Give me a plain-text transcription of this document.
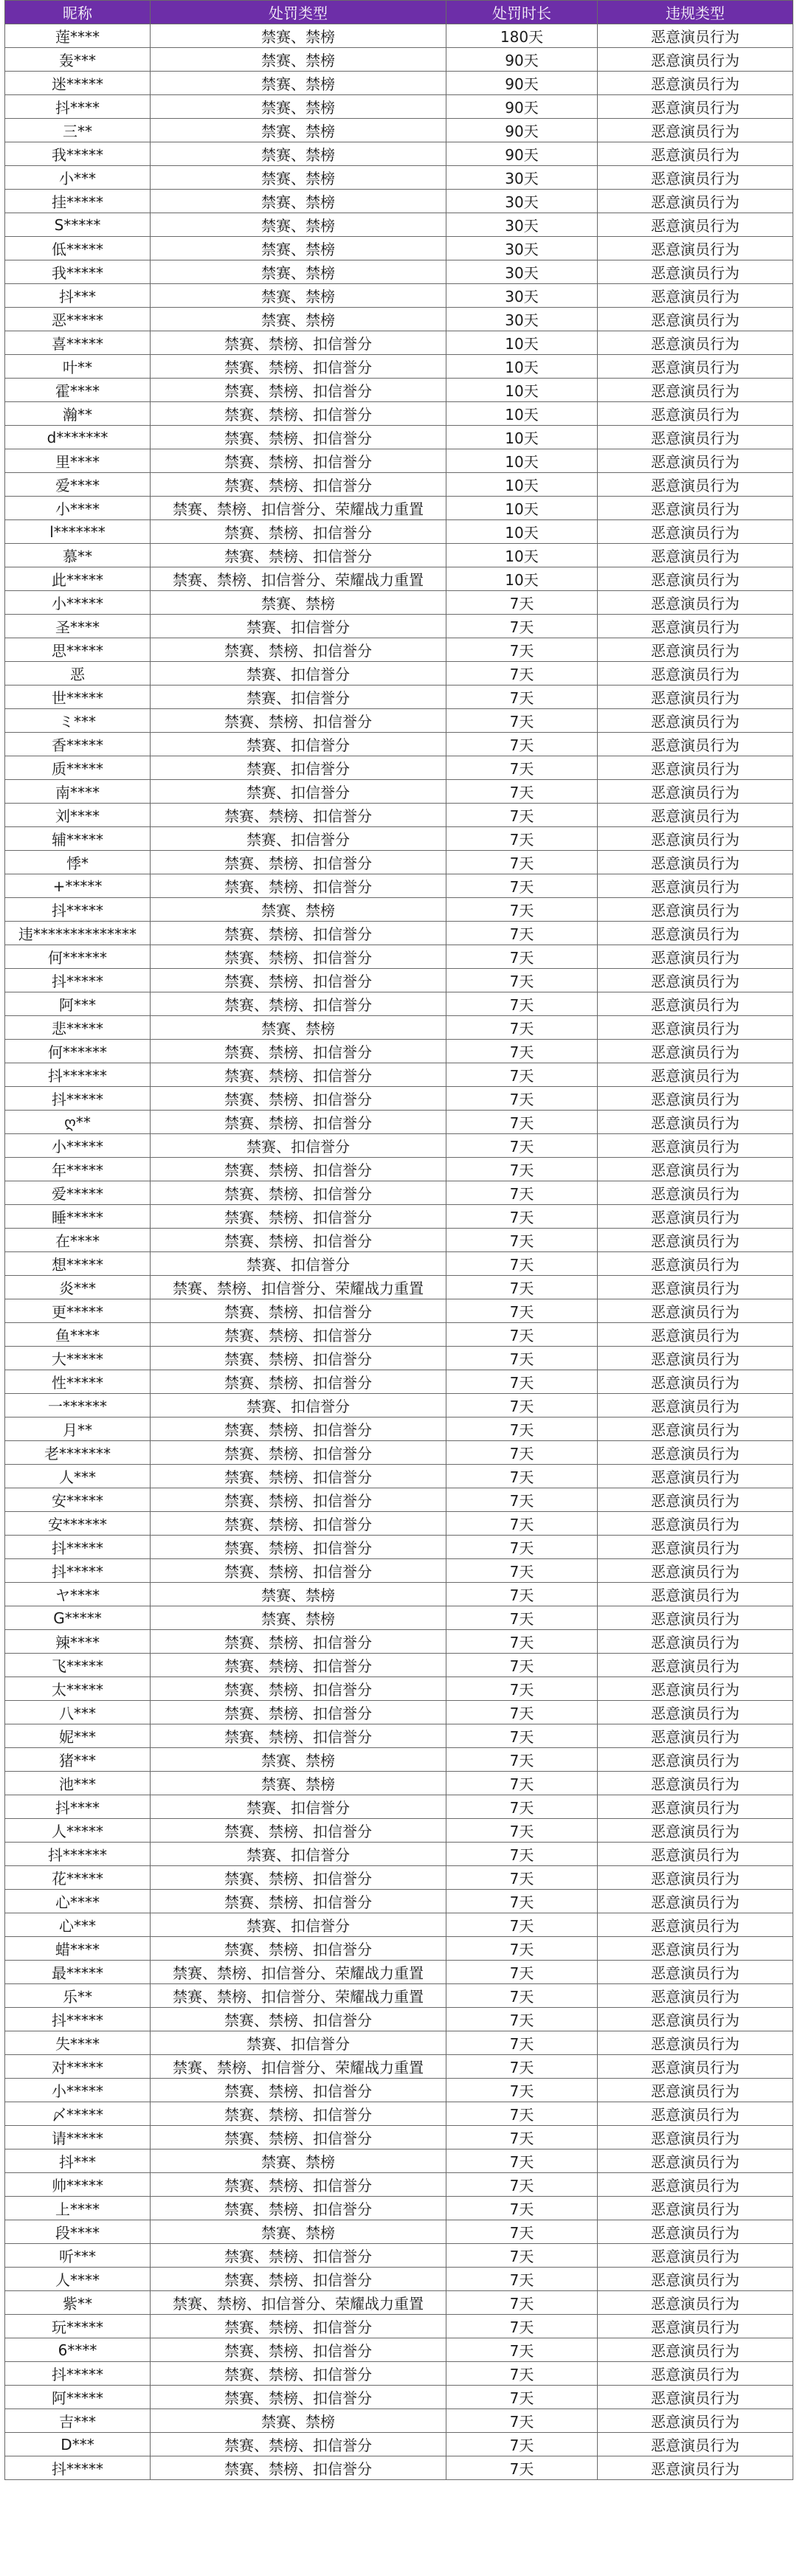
昵称	处罚类型	处罚时长	违规类型
莲****	禁赛、禁榜	180天	恶意演员行为
轰***	禁赛、禁榜	90天	恶意演员行为
迷*****	禁赛、禁榜	90天	恶意演员行为
抖****	禁赛、禁榜	90天	恶意演员行为
三**	禁赛、禁榜	90天	恶意演员行为
我*****	禁赛、禁榜	90天	恶意演员行为
小***	禁赛、禁榜	30天	恶意演员行为
挂*****	禁赛、禁榜	30天	恶意演员行为
S*****	禁赛、禁榜	30天	恶意演员行为
低*****	禁赛、禁榜	30天	恶意演员行为
我*****	禁赛、禁榜	30天	恶意演员行为
抖***	禁赛、禁榜	30天	恶意演员行为
恶*****	禁赛、禁榜	30天	恶意演员行为
喜*****	禁赛、禁榜、扣信誉分	10天	恶意演员行为
叶**	禁赛、禁榜、扣信誉分	10天	恶意演员行为
霍****	禁赛、禁榜、扣信誉分	10天	恶意演员行为
瀚**	禁赛、禁榜、扣信誉分	10天	恶意演员行为
d*******	禁赛、禁榜、扣信誉分	10天	恶意演员行为
里****	禁赛、禁榜、扣信誉分	10天	恶意演员行为
爱****	禁赛、禁榜、扣信誉分	10天	恶意演员行为
小****	禁赛、禁榜、扣信誉分、荣耀战力重置	10天	恶意演员行为
l*******	禁赛、禁榜、扣信誉分	10天	恶意演员行为
慕**	禁赛、禁榜、扣信誉分	10天	恶意演员行为
此*****	禁赛、禁榜、扣信誉分、荣耀战力重置	10天	恶意演员行为
小*****	禁赛、禁榜	7天	恶意演员行为
圣****	禁赛、扣信誉分	7天	恶意演员行为
思*****	禁赛、禁榜、扣信誉分	7天	恶意演员行为
恶	禁赛、扣信誉分	7天	恶意演员行为
世*****	禁赛、扣信誉分	7天	恶意演员行为
ミ***	禁赛、禁榜、扣信誉分	7天	恶意演员行为
香*****	禁赛、扣信誉分	7天	恶意演员行为
质*****	禁赛、扣信誉分	7天	恶意演员行为
南****	禁赛、扣信誉分	7天	恶意演员行为
刘****	禁赛、禁榜、扣信誉分	7天	恶意演员行为
辅*****	禁赛、扣信誉分	7天	恶意演员行为
悸*	禁赛、禁榜、扣信誉分	7天	恶意演员行为
+*****	禁赛、禁榜、扣信誉分	7天	恶意演员行为
抖*****	禁赛、禁榜	7天	恶意演员行为
违**************	禁赛、禁榜、扣信誉分	7天	恶意演员行为
何******	禁赛、禁榜、扣信誉分	7天	恶意演员行为
抖*****	禁赛、禁榜、扣信誉分	7天	恶意演员行为
阿***	禁赛、禁榜、扣信誉分	7天	恶意演员行为
悲*****	禁赛、禁榜	7天	恶意演员行为
何******	禁赛、禁榜、扣信誉分	7天	恶意演员行为
抖******	禁赛、禁榜、扣信誉分	7天	恶意演员行为
抖*****	禁赛、禁榜、扣信誉分	7天	恶意演员行为
ღ**	禁赛、禁榜、扣信誉分	7天	恶意演员行为
小*****	禁赛、扣信誉分	7天	恶意演员行为
年*****	禁赛、禁榜、扣信誉分	7天	恶意演员行为
爱*****	禁赛、禁榜、扣信誉分	7天	恶意演员行为
睡*****	禁赛、禁榜、扣信誉分	7天	恶意演员行为
在****	禁赛、禁榜、扣信誉分	7天	恶意演员行为
想*****	禁赛、扣信誉分	7天	恶意演员行为
炎***	禁赛、禁榜、扣信誉分、荣耀战力重置	7天	恶意演员行为
更*****	禁赛、禁榜、扣信誉分	7天	恶意演员行为
鱼****	禁赛、禁榜、扣信誉分	7天	恶意演员行为
大*****	禁赛、禁榜、扣信誉分	7天	恶意演员行为
性*****	禁赛、禁榜、扣信誉分	7天	恶意演员行为
一******	禁赛、扣信誉分	7天	恶意演员行为
月**	禁赛、禁榜、扣信誉分	7天	恶意演员行为
老*******	禁赛、禁榜、扣信誉分	7天	恶意演员行为
人***	禁赛、禁榜、扣信誉分	7天	恶意演员行为
安*****	禁赛、禁榜、扣信誉分	7天	恶意演员行为
安******	禁赛、禁榜、扣信誉分	7天	恶意演员行为
抖*****	禁赛、禁榜、扣信誉分	7天	恶意演员行为
抖*****	禁赛、禁榜、扣信誉分	7天	恶意演员行为
ヤ****	禁赛、禁榜	7天	恶意演员行为
G*****	禁赛、禁榜	7天	恶意演员行为
辣****	禁赛、禁榜、扣信誉分	7天	恶意演员行为
飞*****	禁赛、禁榜、扣信誉分	7天	恶意演员行为
太*****	禁赛、禁榜、扣信誉分	7天	恶意演员行为
八***	禁赛、禁榜、扣信誉分	7天	恶意演员行为
妮***	禁赛、禁榜、扣信誉分	7天	恶意演员行为
猪***	禁赛、禁榜	7天	恶意演员行为
池***	禁赛、禁榜	7天	恶意演员行为
抖****	禁赛、扣信誉分	7天	恶意演员行为
人*****	禁赛、禁榜、扣信誉分	7天	恶意演员行为
抖******	禁赛、扣信誉分	7天	恶意演员行为
花*****	禁赛、禁榜、扣信誉分	7天	恶意演员行为
心****	禁赛、禁榜、扣信誉分	7天	恶意演员行为
心***	禁赛、扣信誉分	7天	恶意演员行为
蜡****	禁赛、禁榜、扣信誉分	7天	恶意演员行为
最*****	禁赛、禁榜、扣信誉分、荣耀战力重置	7天	恶意演员行为
乐**	禁赛、禁榜、扣信誉分、荣耀战力重置	7天	恶意演员行为
抖*****	禁赛、禁榜、扣信誉分	7天	恶意演员行为
失****	禁赛、扣信誉分	7天	恶意演员行为
对*****	禁赛、禁榜、扣信誉分、荣耀战力重置	7天	恶意演员行为
小*****	禁赛、禁榜、扣信誉分	7天	恶意演员行为
〆*****	禁赛、禁榜、扣信誉分	7天	恶意演员行为
请*****	禁赛、禁榜、扣信誉分	7天	恶意演员行为
抖***	禁赛、禁榜	7天	恶意演员行为
帅*****	禁赛、禁榜、扣信誉分	7天	恶意演员行为
上****	禁赛、禁榜、扣信誉分	7天	恶意演员行为
段****	禁赛、禁榜	7天	恶意演员行为
听***	禁赛、禁榜、扣信誉分	7天	恶意演员行为
人****	禁赛、禁榜、扣信誉分	7天	恶意演员行为
紫**	禁赛、禁榜、扣信誉分、荣耀战力重置	7天	恶意演员行为
玩*****	禁赛、禁榜、扣信誉分	7天	恶意演员行为
6****	禁赛、禁榜、扣信誉分	7天	恶意演员行为
抖*****	禁赛、禁榜、扣信誉分	7天	恶意演员行为
阿*****	禁赛、禁榜、扣信誉分	7天	恶意演员行为
吉***	禁赛、禁榜	7天	恶意演员行为
D***	禁赛、禁榜、扣信誉分	7天	恶意演员行为
抖*****	禁赛、禁榜、扣信誉分	7天	恶意演员行为
